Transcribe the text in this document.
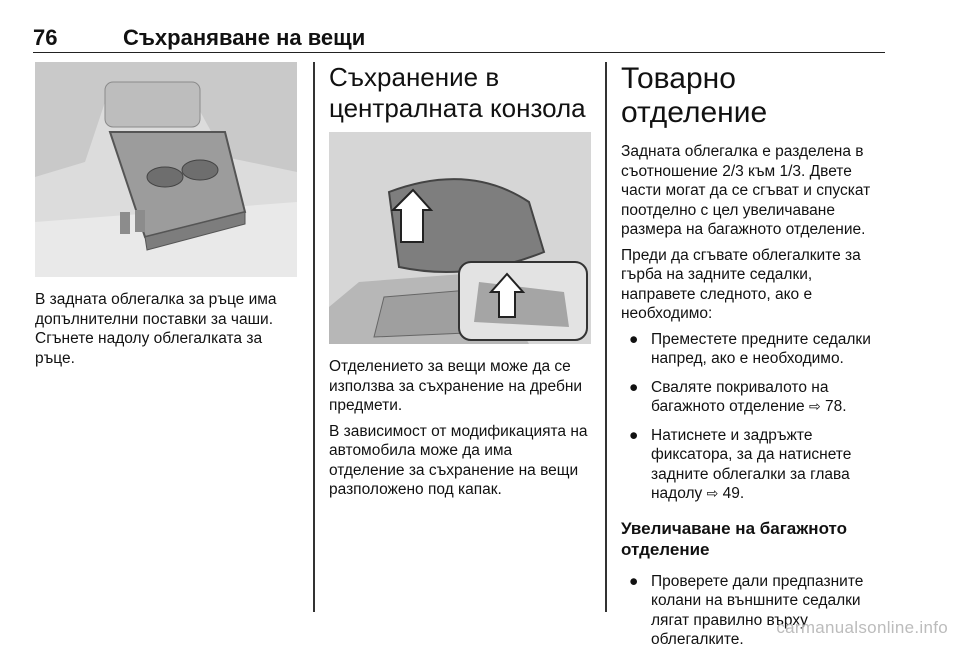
76	Съхраняване на вещи

В задната облегалка за ръце има допълнителни поставки за чаши. Сгънете надолу облегалката за ръце.

Съхранение в централната конзола

Отделението за вещи може да се използва за съхранение на дребни предмети.

В зависимост от модификацията на автомобила може да има отделение за съхранение на вещи разположено под капак.

Товарно отделение

Задната облегалка е разделена в съотношение 2/3 към 1/3. Двете части могат да се сгъват и спускат поотделно с цел увеличаване размера на багажното отделение.

Преди да сгъвате облегалките за гърба на задните седалки, направете следното, ако е необходимо:

● Преместете предните седалки напред, ако е необходимо.
● Сваляте покривалото на багажното отделение ⇨ 78.
● Натиснете и задръжте фиксатора, за да натиснете задните облегалки за глава надолу ⇨ 49.
Увеличаване на багажното отделение
● Проверете дали предпазните колани на външните седалки лягат правилно върху облегалките.
carmanualsonline.info
